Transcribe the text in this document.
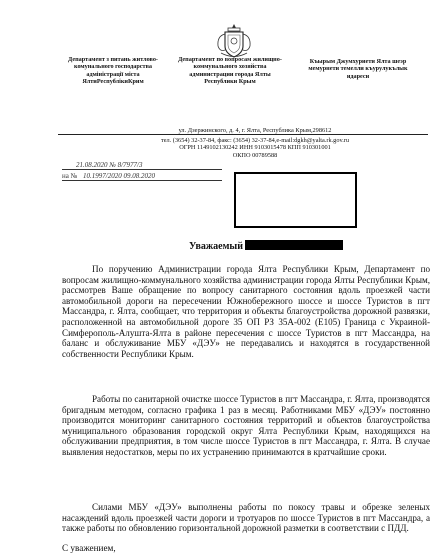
Департамент з питань житлово-комунального господарства адміністрації міста ЯлтиРеспублікиКрим
Департамент по вопросам жилищно-коммунального хозяйства администрации города Ялты Республики Крым
Къырым Джумхуриети Ялта шеэр мемурнети темелли къурулукълык идареси
ул. Дзержинского, д. 4, г. Ялта, Республика Крым,298612
тел. (3654) 32-37-84, факс: (3654) 32-37-84,e-mail:dgkh@yalta.rk.gov.ru
ОГРН 1149102130242 ИНН 9103015478 КПП 910301001
ОКПО 00789588
21.08.2020 № 8/7977/3
на № 10.1997/2020 09.08.2020
Уважаемый

По поручению Администрации города Ялта Республики Крым, Департамент по вопросам жилищно-коммунального хозяйства администрации города Ялты Республики Крым, рассмотрев Ваше обращение по вопросу санитарного состояния вдоль проезжей части автомобильной дороги на пересечении Южнобережного шоссе и шоссе Туристов в пгт Массандра, г. Ялта, сообщает, что территория и объекты благоустройства дорожной развязки, расположенной на автомобильной дороге 35 ОП РЗ 35А-002 (Е105) Граница с Украиной-Симферополь-Алушта-Ялта в районе пересечения с шоссе Туристов в пгт Массандра, на баланс и обслуживание МБУ «ДЭУ» не передавались и находятся в государственной собственности Республики Крым.

Работы по санитарной очистке шоссе Туристов в пгт Массандра, г. Ялта, производятся бригадным методом, согласно графика 1 раз в месяц. Работниками МБУ «ДЭУ» постоянно производится мониторинг санитарного состояния территорий и объектов благоустройства муниципального образования городской округ Ялта Республики Крым, находящихся на обслуживании предприятия, в том числе шоссе Туристов в пгт Массандра, г. Ялта. В случае выявления недостатков, меры по их устранению принимаются в кратчайшие сроки.

Силами МБУ «ДЭУ» выполнены работы по покосу травы и обрезке зеленых насаждений вдоль проезжей части дороги и тротуаров по шоссе Туристов в пгт Массандра, а также работы по обновлению горизонтальной дорожной разметки в соответствии с ПДД.

С уважением,
